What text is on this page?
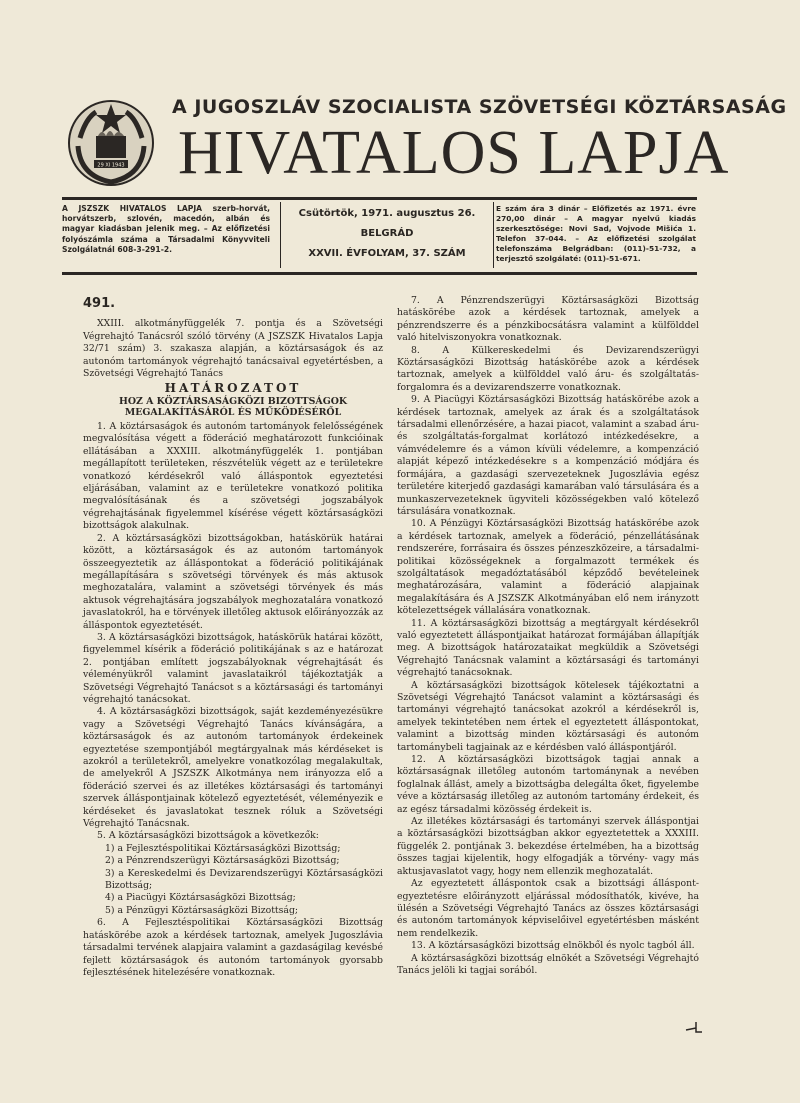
29 XI 1943
A JUGOSZLÁV SZOCIALISTA SZÖVETSÉGI KÖZTÁRSASÁG
HIVATALOS LAPJA
A JSZSZK HIVATALOS LAPJA szerb-horvát, horvátszerb, szlovén, macedón, albán és magyar kiadásban jelenik meg. – Az előfizetési folyószámla száma a Társadalmi Könyvviteli Szolgálatnál 608-3-291-2.
Csütörtök, 1971. augusztus 26.
BELGRÁD
XXVII. ÉVFOLYAM, 37. SZÁM
E szám ára 3 dinár – Előfizetés az 1971. évre 270,00 dinár – A magyar nyelvű kiadás szerkesztősége: Novi Sad, Vojvode Mišića 1. Telefon 37-044. – Az előfizetési szolgálat telefonszáma Belgrádban: (011)-51-732, a terjesztő szolgálaté: (011)-51-671.
491.

XXIII. alkotmányfüggelék 7. pontja és a Szövetségi Végrehajtó Tanácsról szóló törvény (A JSZSZK Hivatalos Lapja 32/71 szám) 3. szakasza alapján, a köztársaságok és az autonóm tartományok végrehajtó tanácsaival egyetértésben, a Szövetségi Végrehajtó Tanács

HATÁROZATOT
HOZ A KÖZTÁRSASÁGKÖZI BIZOTTSÁGOK MEGALAKÍTÁSÁRÓL ÉS MŰKÖDÉSÉRŐL

1. A köztársaságok és autonóm tartományok felelősségének megvalósítása végett a föderáció meghatározott funkcióinak ellátásában a XXXIII. alkotmányfüggelék 1. pontjában megállapított területeken, részvételük végett az e területekre vonatkozó kérdésekről való álláspontok egyeztetési eljárásában, valamint az e területekre vonatkozó politika megvalósításának és a szövetségi jogszabályok végrehajtásának figyelemmel kísérése végett köztársaságközi bizottságok alakulnak.

2. A köztársaságközi bizottságokban, hatáskörük határai között, a köztársaságok és az autonóm tartományok összeegyeztetik az álláspontokat a föderáció politikájának megállapítására s szövetségi törvények és más aktusok meghozatalára, valamint a szövetségi törvények és más aktusok végrehajtására jogszabályok meghozatalára vonatkozó javaslatokról, ha e törvények illetőleg aktusok előirányozzák az álláspontok egyeztetését.

3. A köztársaságközi bizottságok, hatáskörük határai között, figyelemmel kísérik a föderáció politikájának s az e határozat 2. pontjában említett jogszabályoknak végrehajtását és véleményükről valamint javaslataikról tájékoztatják a Szövetségi Végrehajtó Tanácsot s a köztársasági és tartományi végrehajtó tanácsokat.

4. A köztársaságközi bizottságok, saját kezdeményezésükre vagy a Szövetségi Végrehajtó Tanács kívánságára, a köztársaságok és az autonóm tartományok érdekeinek egyeztetése szempontjából megtárgyalnak más kérdéseket is azokról a területekről, amelyekre vonatkozólag megalakultak, de amelyekről A JSZSZK Alkotmánya nem irányozza elő a föderáció szervei és az illetékes köztársasági és tartományi szervek álláspontjainak kötelező egyeztetését, véleményezik e kérdéseket és javaslatokat tesznek róluk a Szövetségi Végrehajtó Tanácsnak.

5. A köztársaságközi bizottságok a következők:

1) a Fejlesztéspolitikai Köztársaságközi Bizottság;

2) a Pénzrendszerügyi Köztársaságközi Bizottság;

3) a Kereskedelmi és Devizarendszerügyi Köztársaságközi Bizottság;

4) a Piacügyi Köztársaságközi Bizottság;

5) a Pénzügyi Köztársaságközi Bizottság;

6. A Fejlesztéspolitikai Köztársaságközi Bizottság hatáskörébe azok a kérdések tartoznak, amelyek Jugoszlávia társadalmi tervének alapjaira valamint a gazdaságilag kevésbé fejlett köztársaságok és autonóm tartományok gyorsabb fejlesztésének hitelezésére vonatkoznak.

7. A Pénzrendszerügyi Köztársaságközi Bizottság hatáskörébe azok a kérdések tartoznak, amelyek a pénzrendszerre és a pénzkibocsátásra valamint a külfölddel való hitelviszonyokra vonatkoznak.

8. A Külkereskedelmi és Devizarendszerügyi Köztársaságközi Bizottság hatáskörébe azok a kérdések tartoznak, amelyek a külfölddel való áru- és szolgáltatás-forgalomra és a devizarendszerre vonatkoznak.

9. A Piacügyi Köztársaságközi Bizottság hatáskörébe azok a kérdések tartoznak, amelyek az árak és a szolgáltatások társadalmi ellenőrzésére, a hazai piacot, valamint a szabad áru- és szolgáltatás-forgalmat korlátozó intézkedésekre, a vámvédelemre és a vámon kívüli védelemre, a kompenzáció alapját képező intézkedésekre s a kompenzáció módjára és formájára, a gazdasági szervezeteknek Jugoszlávia egész területére kiterjedő gazdasági kamarában való társulására és a munkaszervezeteknek ügyviteli közösségekben való kötelező társulására vonatkoznak.

10. A Pénzügyi Köztársaságközi Bizottság hatáskörébe azok a kérdések tartoznak, amelyek a föderáció, pénzellátásának rendszerére, forrásaira és összes pénzeszközeire, a társadalmi-politikai közösségeknek a forgalmazott termékek és szolgáltatások megadóztatásából képződő bevételeinek meghatározására, valamint a föderáció alapjainak megalakítására és A JSZSZK Alkotmányában elő nem irányzott kötelezettségek vállalására vonatkoznak.

11. A köztársaságközi bizottság a megtárgyalt kérdésekről való egyeztetett álláspontjaikat határozat formájában állapítják meg. A bizottságok határozataikat megküldik a Szövetségi Végrehajtó Tanácsnak valamint a köztársasági és tartományi végrehajtó tanácsoknak.

A köztársaságközi bizottságok kötelesek tájékoztatni a Szövetségi Végrehajtó Tanácsot valamint a köztársasági és tartományi végrehajtó tanácsokat azokról a kérdésekről is, amelyek tekintetében nem értek el egyeztetett álláspontokat, valamint a bizottság minden köztársasági és autonóm tartománybeli tagjainak az e kérdésben való álláspontjáról.

12. A köztársaságközi bizottságok tagjai annak a köztársaságnak illetőleg autonóm tartománynak a nevében foglalnak állást, amely a bizottságba delegálta őket, figyelembe véve a köztársaság illetőleg az autonóm tartomány érdekeit, és az egész társadalmi közösség érdekeit is.

Az illetékes köztársasági és tartományi szervek álláspontjai a köztársaságközi bizottságban akkor egyeztetettek a XXXIII. függelék 2. pontjának 3. bekezdése értelmében, ha a bizottság összes tagjai kijelentik, hogy elfogadják a törvény- vagy más aktusjavaslatot vagy, hogy nem ellenzik meghozatalát.

Az egyeztetett álláspontok csak a bizottsági álláspont-egyeztetésre előirányzott eljárással módosíthatók, kivéve, ha ülésén a Szövetségi Végrehajtó Tanács az összes köztársasági és autonóm tartományok képviselőivel egyetértésben másként nem rendelkezik.

13. A köztársaságközi bizottság elnökből és nyolc tagból áll.

A köztársaságközi bizottság elnökét a Szövetségi Végrehajtó Tanács jelöli ki tagjai sorából.
